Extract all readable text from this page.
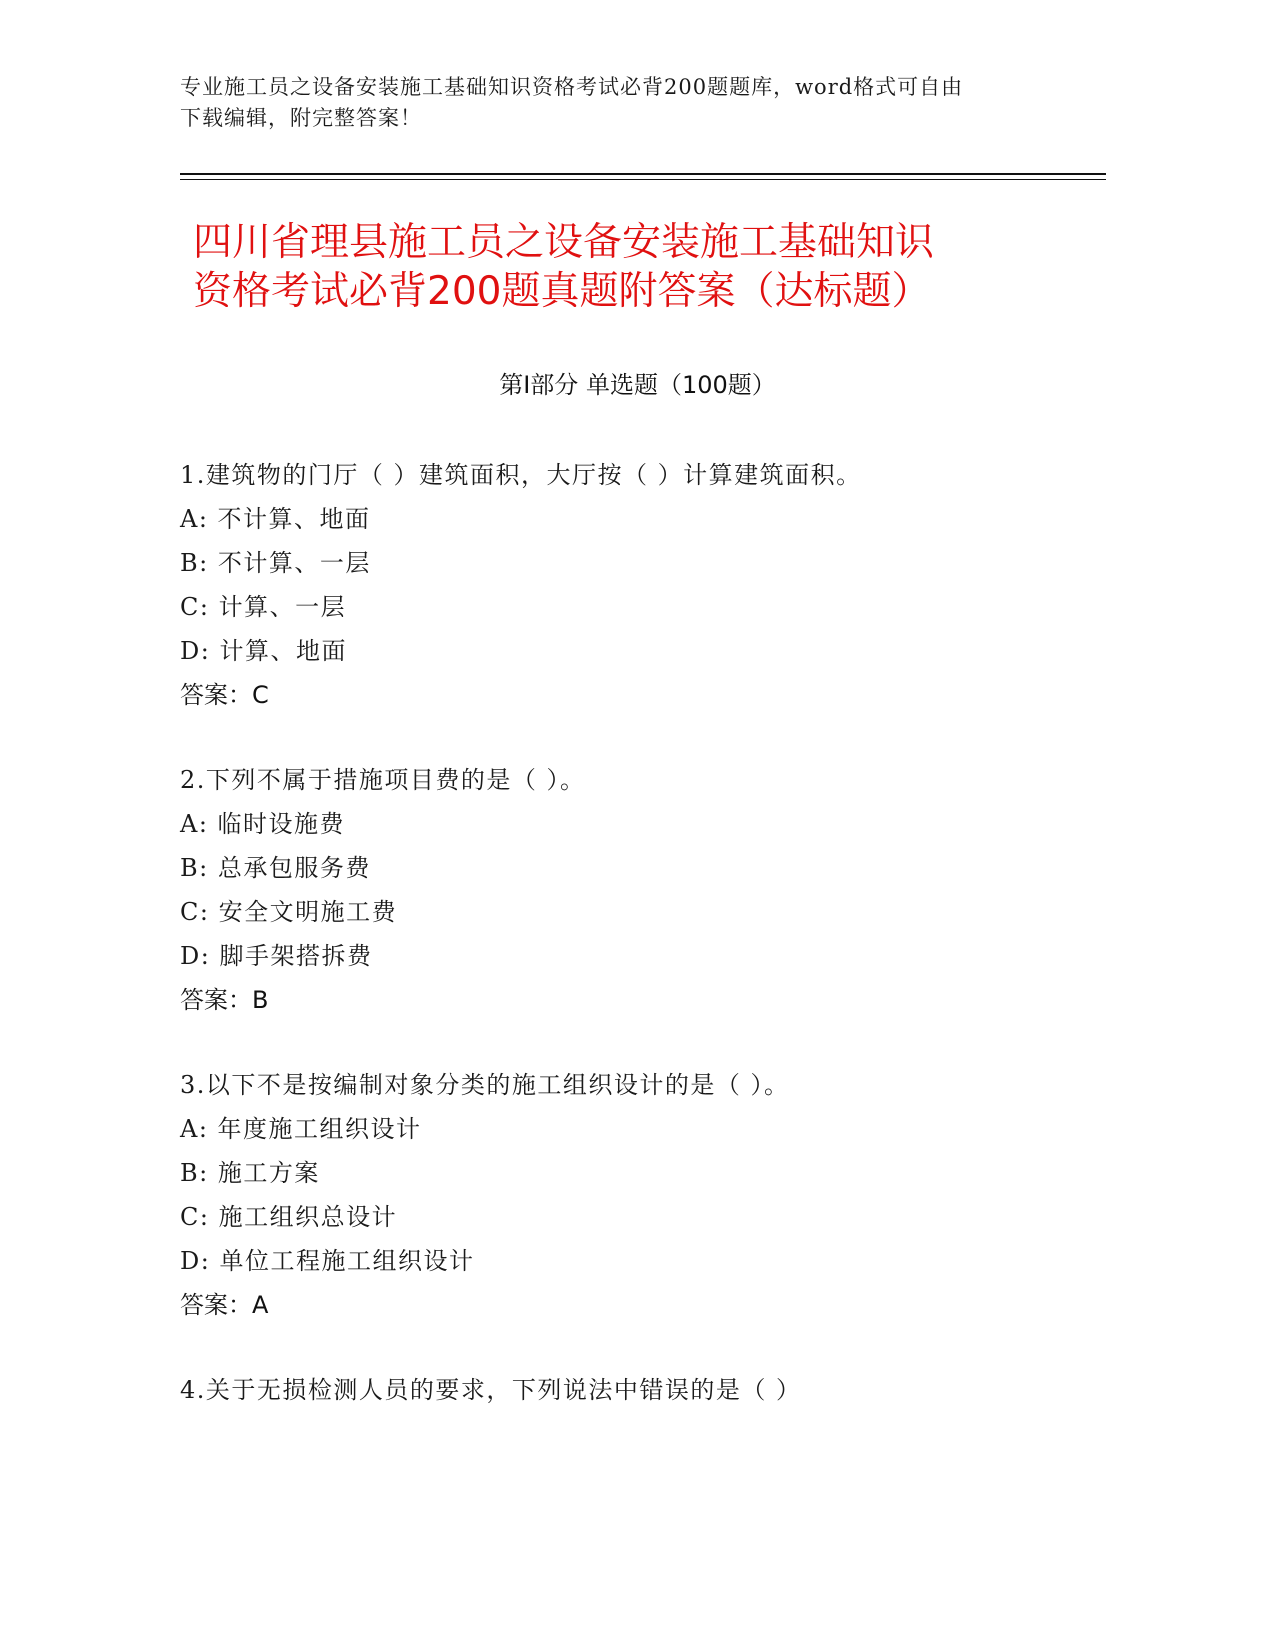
专业施工员之设备安装施工基础知识资格考试必背200题题库，word格式可自由
下载编辑，附完整答案！
四川省理县施工员之设备安装施工基础知识
资格考试必背200题真题附答案（达标题）
第Ⅰ部分 单选题（100题）
1.建筑物的门厅（ ）建筑面积，大厅按（ ）计算建筑面积。
A: 不计算、地面
B: 不计算、一层
C: 计算、一层
D: 计算、地面
答案：C
2.下列不属于措施项目费的是（ ）。
A: 临时设施费
B: 总承包服务费
C: 安全文明施工费
D: 脚手架搭拆费
答案：B
3.以下不是按编制对象分类的施工组织设计的是（ ）。
A: 年度施工组织设计
B: 施工方案
C: 施工组织总设计
D: 单位工程施工组织设计
答案：A
4.关于无损检测人员的要求，下列说法中错误的是（ ）
